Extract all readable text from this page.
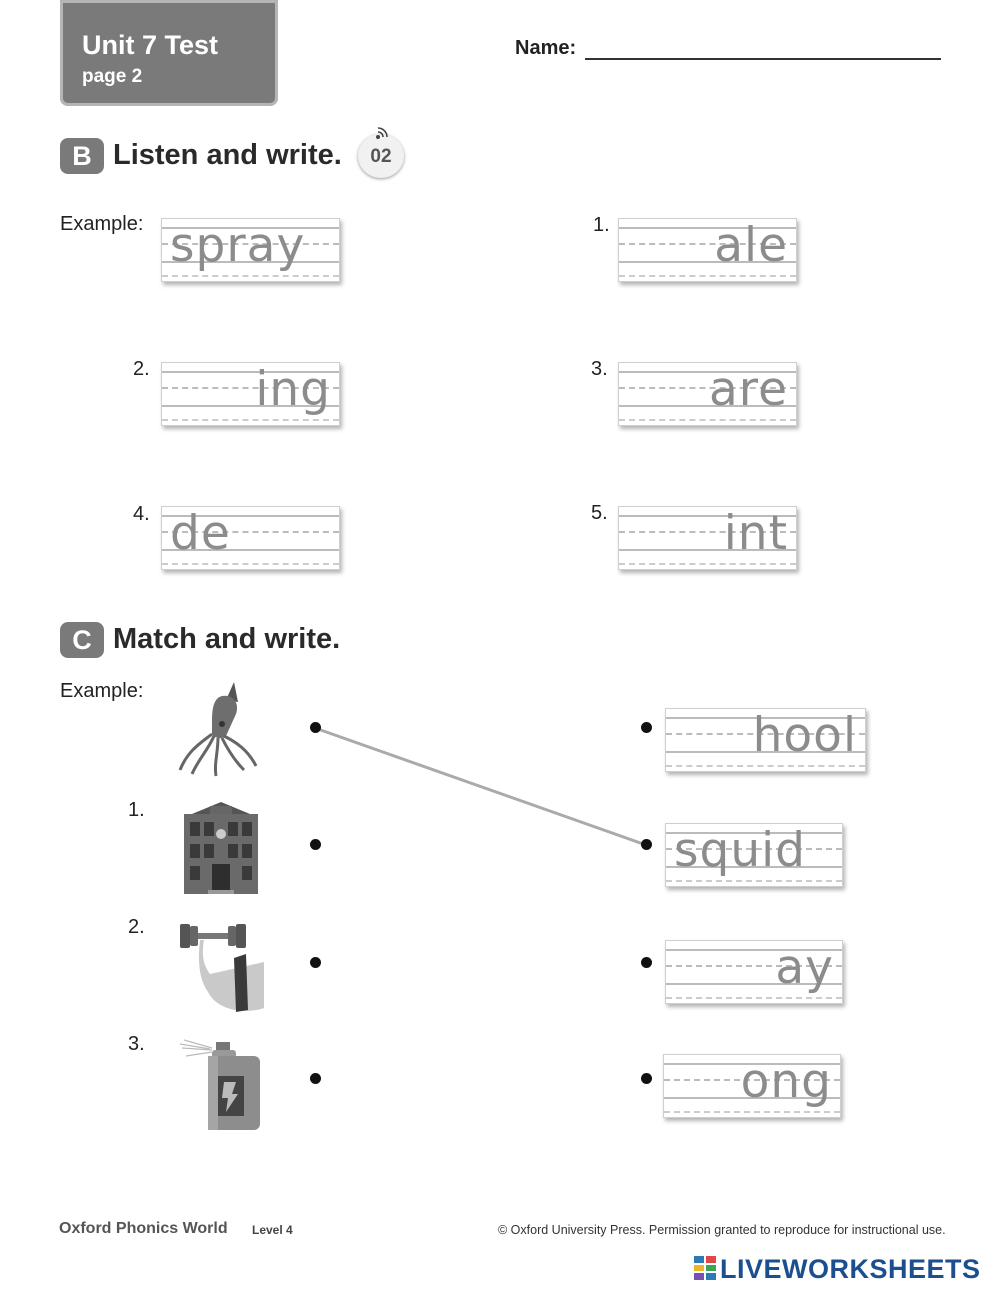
Unit 7 Test
page 2
Name:
B Listen and write.	02
Example: spray	1. ale
2. ing	3. are
4. de	5. int
C Match and write.
Example:
1.
2.
3.
hool
squid
ay
ong
Oxford Phonics World Level 4	© Oxford University Press. Permission granted to reproduce for instructional use.
LIVEWORKSHEETS
